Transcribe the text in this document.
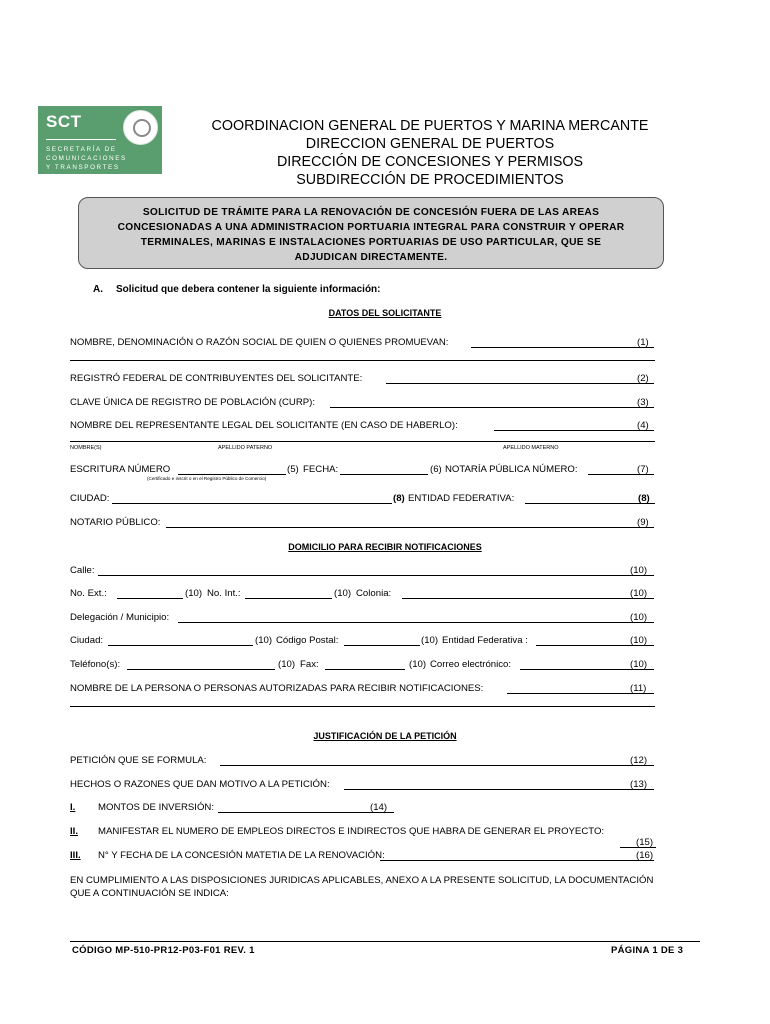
SCT
SECRETARÍA DE
COMUNICACIONES
Y TRANSPORTES
COORDINACION GENERAL DE PUERTOS Y MARINA MERCANTE
DIRECCION GENERAL DE PUERTOS
DIRECCIÓN DE CONCESIONES Y PERMISOS
SUBDIRECCIÓN DE PROCEDIMIENTOS
SOLICITUD DE TRÁMITE PARA LA RENOVACIÓN DE CONCESIÓN FUERA DE LAS AREAS
CONCESIONADAS A UNA ADMINISTRACION PORTUARIA INTEGRAL PARA CONSTRUIR Y OPERAR
TERMINALES, MARINAS E INSTALACIONES PORTUARIAS DE USO PARTICULAR, QUE SE
ADJUDICAN DIRECTAMENTE.
A. Solicitud que debera contener la siguiente información:
DATOS DEL SOLICITANTE
NOMBRE, DENOMINACIÓN O RAZÓN SOCIAL DE QUIEN O QUIENES PROMUEVAN:	(1)
REGISTRÓ FEDERAL DE CONTRIBUYENTES DEL SOLICITANTE:	(2)
CLAVE ÚNICA DE REGISTRO DE POBLACIÓN (CURP):	(3)
NOMBRE DEL REPRESENTANTE LEGAL DEL SOLICITANTE (EN CASO DE HABERLO):	(4)
NOMBRE(S)	APELLIDO PATERNO	APELLIDO MATERNO
ESCRITURA NÚMERO	(5) FECHA:	(6) NOTARÍA PÚBLICA NÚMERO:	(7)
(Certificado e inscrit o en el Registro Público de Comercio)
CIUDAD:	(8) ENTIDAD FEDERATIVA:	(8)
NOTARIO PÚBLICO:	(9)
DOMICILIO PARA RECIBIR NOTIFICACIONES
Calle:	(10)
No. Ext.:	(10) No. Int.:	(10) Colonia:	(10)
Delegación / Municipio:	(10)
Ciudad:	(10) Código Postal:	(10) Entidad Federativa :	(10)
Teléfono(s):	(10) Fax:	(10) Correo electrónico:	(10)
NOMBRE DE LA PERSONA O PERSONAS AUTORIZADAS PARA RECIBIR NOTIFICACIONES:	(11)
JUSTIFICACIÓN DE LA PETICIÓN
PETICIÓN QUE SE FORMULA:	(12)
HECHOS O RAZONES QUE DAN MOTIVO A LA PETICIÓN:	(13)
I. MONTOS DE INVERSIÓN:	(14)
II. MANIFESTAR EL NUMERO DE EMPLEOS DIRECTOS E INDIRECTOS QUE HABRA DE GENERAR EL PROYECTO:
(15)
III. N° Y FECHA DE LA CONCESIÓN MATETIA DE LA RENOVACIÓN:	(16)
EN CUMPLIMIENTO A LAS DISPOSICIONES JURIDICAS APLICABLES, ANEXO A LA PRESENTE SOLICITUD, LA DOCUMENTACIÓN
QUE A CONTINUACIÓN SE INDICA:
CÓDIGO MP-510-PR12-P03-F01 REV. 1	PÁGINA 1 DE 3
